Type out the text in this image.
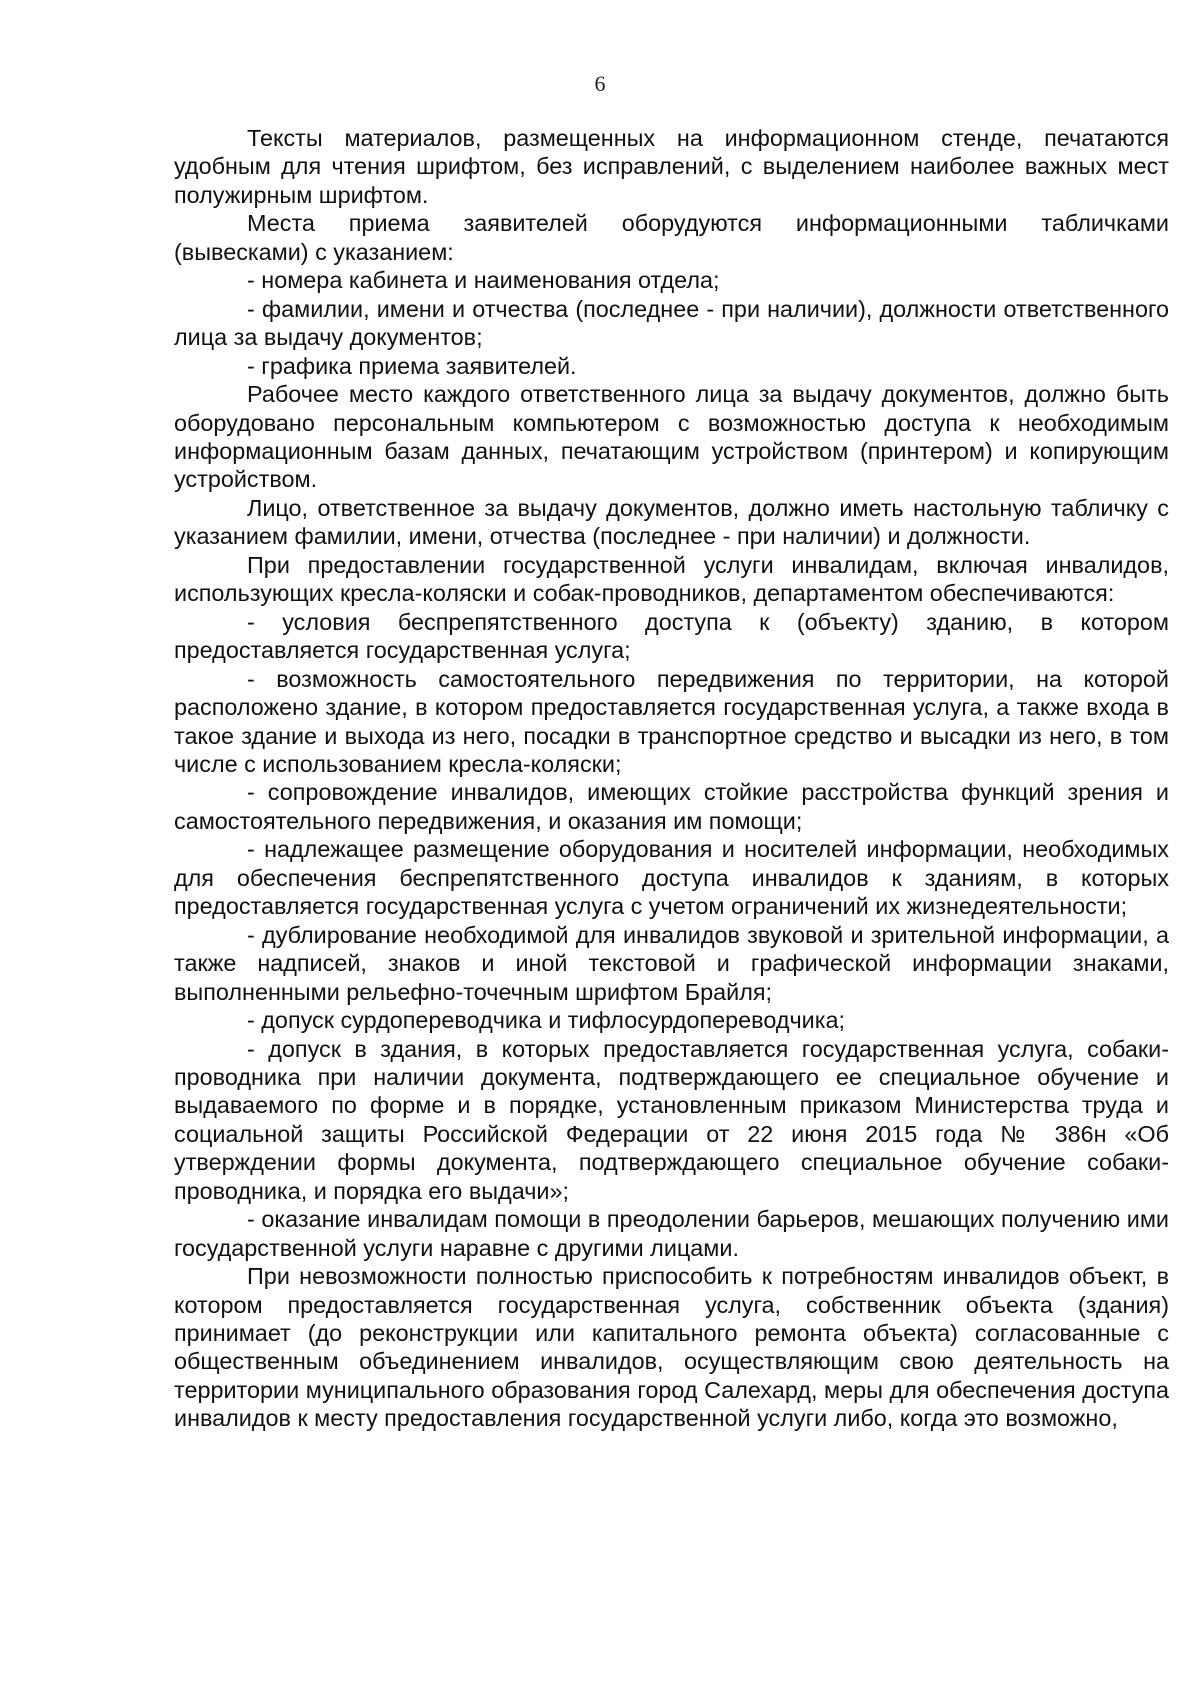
6

Тексты материалов, размещенных на информационном стенде, печатаются удобным для чтения шрифтом, без исправлений, с выделением наиболее важных мест полужирным шрифтом.

Места приема заявителей оборудуются информационными табличками (вывесками) с указанием:

- номера кабинета и наименования отдела;

- фамилии, имени и отчества (последнее - при наличии), должности ответственного лица за выдачу документов;

- графика приема заявителей.

Рабочее место каждого ответственного лица за выдачу документов, должно быть оборудовано персональным компьютером с возможностью доступа к необходимым информационным базам данных, печатающим устройством (принтером) и копирующим устройством.

Лицо, ответственное за выдачу документов, должно иметь настольную табличку с указанием фамилии, имени, отчества (последнее - при наличии) и должности.

При предоставлении государственной услуги инвалидам, включая инвалидов, использующих кресла-коляски и собак-проводников, департаментом обеспечиваются:

- условия беспрепятственного доступа к (объекту) зданию, в котором предоставляется государственная услуга;

- возможность самостоятельного передвижения по территории, на которой расположено здание, в котором предоставляется государственная услуга, а также входа в такое здание и выхода из него, посадки в транспортное средство и высадки из него, в том числе с использованием кресла-коляски;

- сопровождение инвалидов, имеющих стойкие расстройства функций зрения и самостоятельного передвижения, и оказания им помощи;

- надлежащее размещение оборудования и носителей информации, необходимых для обеспечения беспрепятственного доступа инвалидов к зданиям, в которых предоставляется государственная услуга с учетом ограничений их жизнедеятельности;

- дублирование необходимой для инвалидов звуковой и зрительной информации, а также надписей, знаков и иной текстовой и графической информации знаками, выполненными рельефно-точечным шрифтом Брайля;

- допуск сурдопереводчика и тифлосурдопереводчика;

- допуск в здания, в которых предоставляется государственная услуга, собаки-проводника при наличии документа, подтверждающего ее специальное обучение и выдаваемого по форме и в порядке, установленным приказом Министерства труда и социальной защиты Российской Федерации от 22 июня 2015 года № 386н «Об утверждении формы документа, подтверждающего специальное обучение собаки-проводника, и порядка его выдачи»;

- оказание инвалидам помощи в преодолении барьеров, мешающих получению ими государственной услуги наравне с другими лицами.

При невозможности полностью приспособить к потребностям инвалидов объект, в котором предоставляется государственная услуга, собственник объекта (здания) принимает (до реконструкции или капитального ремонта объекта) согласованные с общественным объединением инвалидов, осуществляющим свою деятельность на территории муниципального образования город Салехард, меры для обеспечения доступа инвалидов к месту предоставления государственной услуги либо, когда это возможно,
